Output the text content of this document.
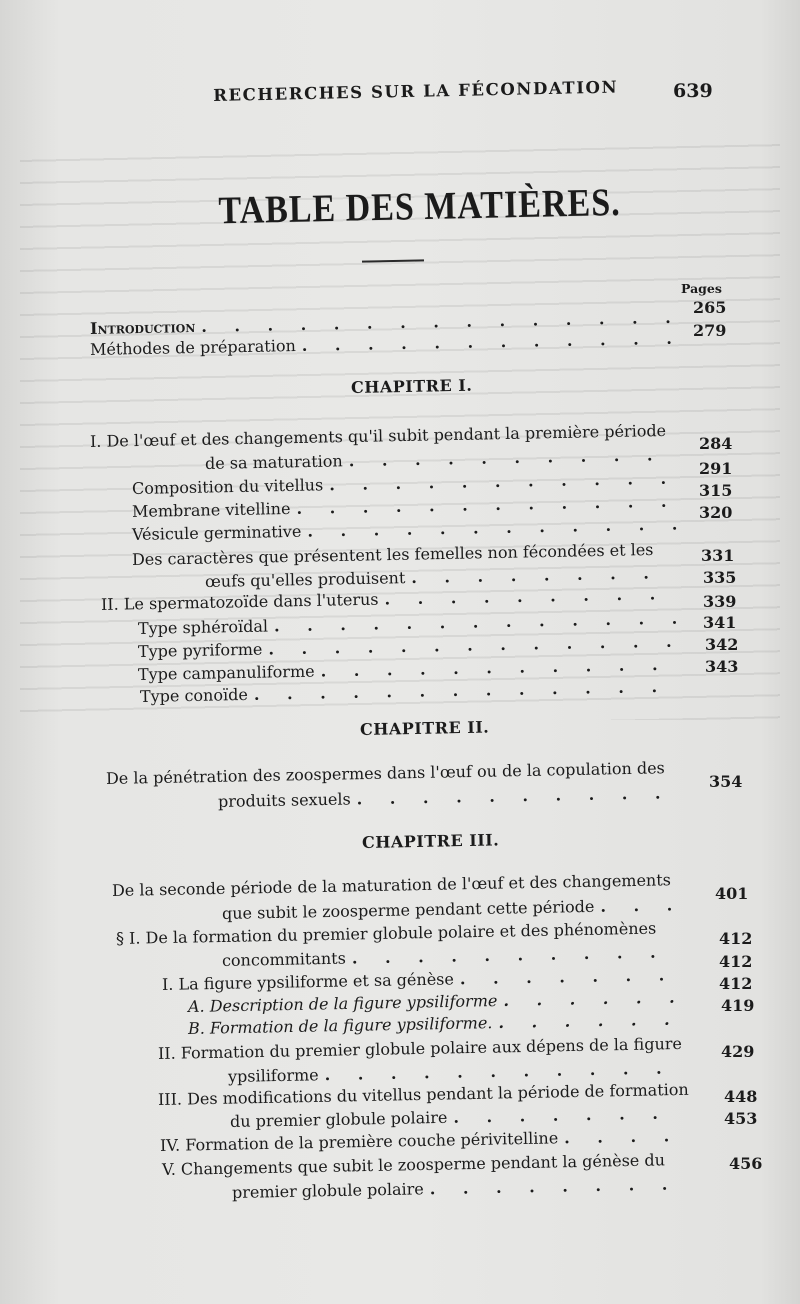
RECHERCHES SUR LA FÉCONDATION	639
TABLE DES MATIÈRES.
Pages
Introduction . . . . . . . . . . . . . . .
265
Méthodes de préparation . . . . . . . . . . . . 279
CHAPITRE I.
I. De l'œuf et des changements qu'il subit pendant la première période
de sa maturation . . . . . . . . . .
284
Composition du vitellus . . . . . . . . . . .
291
Membrane vitelline . . . . . . . . . . . .
315
Vésicule germinative . . . . . . . . . . . .
320
Des caractères que présentent les femelles non fécondées et les
œufs qu'elles produisent . . . . . . . .
331
II. Le spermatozoïde dans l'uterus . . . . . . . . .
335
Type sphéroïdal . . . . . . . . . . . . .
339
Type pyriforme . . . . . . . . . . . . .
341
Type campanuliforme . . . . . . . . . . .
342
Type conoïde . . . . . . . . . . . . .
343
CHAPITRE II.
De la pénétration des zoospermes dans l'œuf ou de la copulation des
produits sexuels . . . . . . . . . .
354
CHAPITRE III.
De la seconde période de la maturation de l'œuf et des changements
que subit le zoosperme pendant cette période . . .
401
§ I. De la formation du premier globule polaire et des phénomènes
concommitants . . . . . . . . . .
412
I. La figure ypsiliforme et sa génèse . . . . . . .
412
A. Description de la figure ypsiliforme . . . . . .
412
B. Formation de la figure ypsiliforme. . . . . . .
419
II. Formation du premier globule polaire aux dépens de la figure
ypsiliforme . . . . . . . . . . .
429
III. Des modifications du vitellus pendant la période de formation
du premier globule polaire . . . . . . .
448
IV. Formation de la première couche périvitelline . . . .
453
V. Changements que subit le zoosperme pendant la génèse du
premier globule polaire . . . . . . . .
456
